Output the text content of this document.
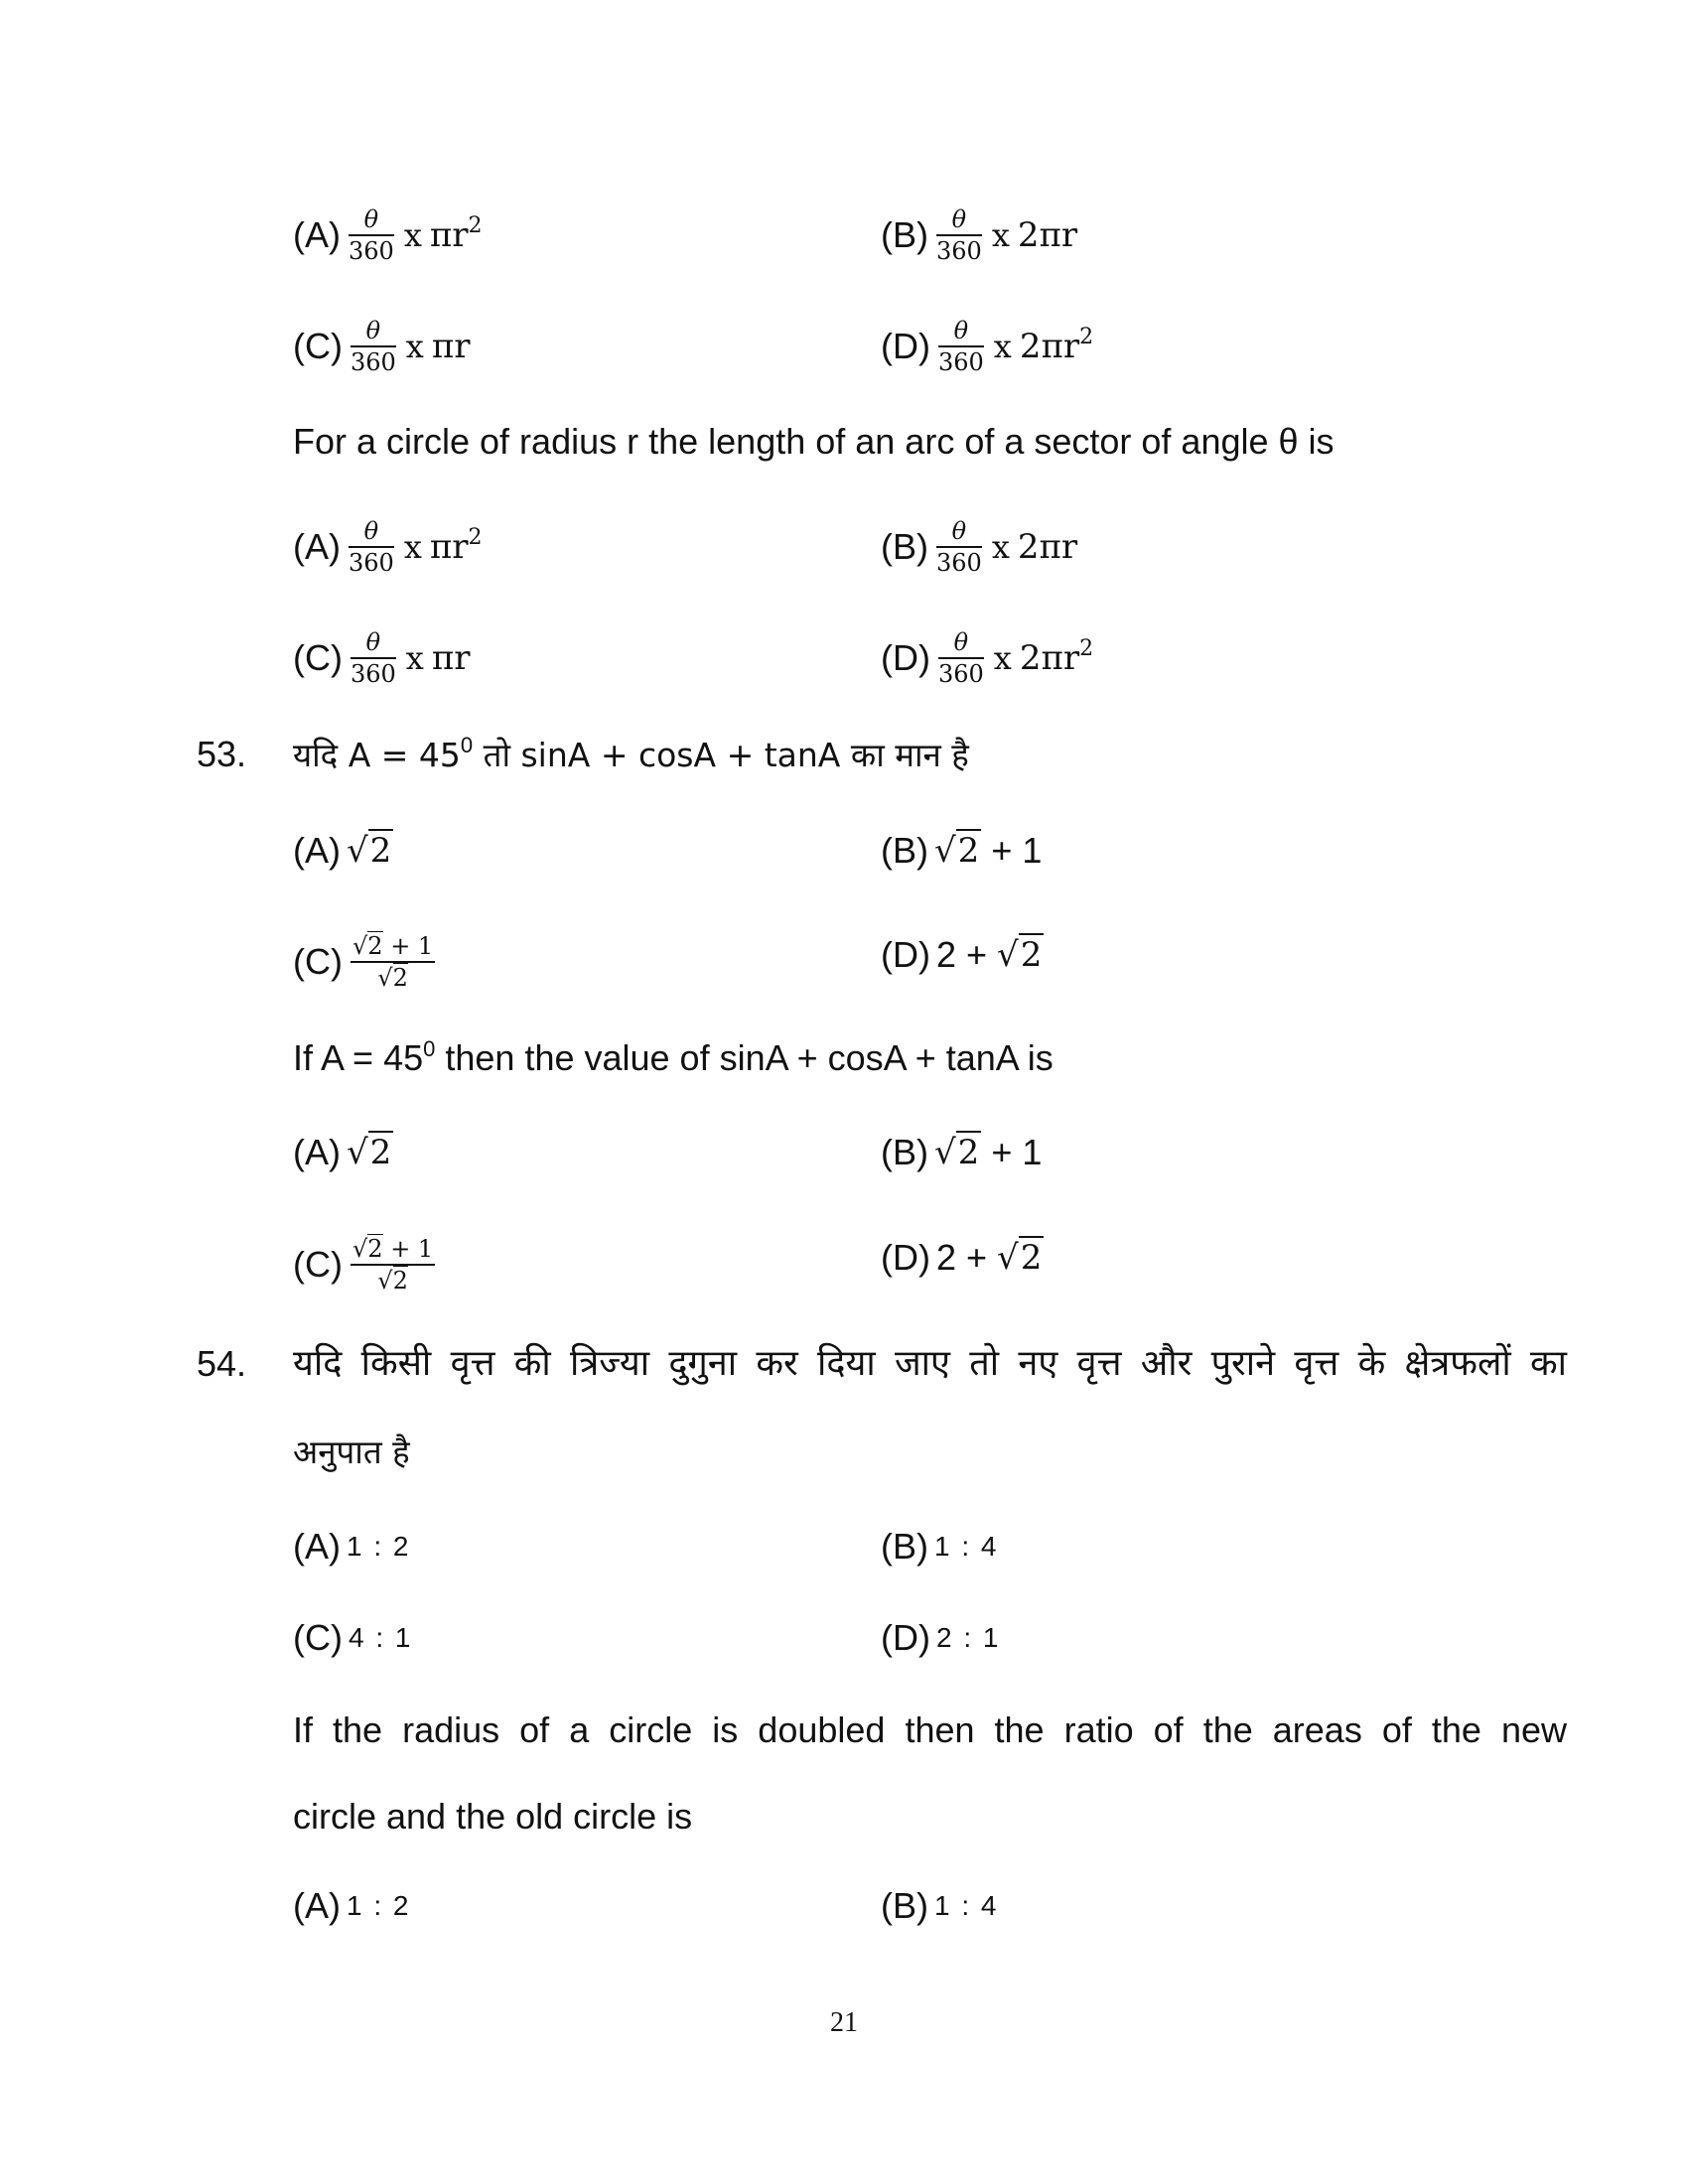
$(A) \frac{\theta}{360}$ x $\pi r^2$	$(B) \frac{\theta}{360}$ x 2πr
$(C) \frac{\theta}{360}$ x πr	$(D) \frac{\theta}{360}$ x $2\pi r^2$
For a circle of radius r the length of an arc of a sector of angle θ is
$(A) \frac{\theta}{360}$ x $\pi r^2$	$(B) \frac{\theta}{360}$ x 2πr
$(C) \frac{\theta}{360}$ x πr	$(D) \frac{\theta}{360}$ x $2\pi r^2$
53. यदि $A = 45^0$ तो sinA + cosA + tanA का मान है
(A) √2	(B) √2 + 1
$(C) \frac{√2 + 1}{√2}$	(D) 2 + √2
If $A = 45^0$ then the value of sinA + cosA + tanA is
(A) √2	(B) √2 + 1
$(C) \frac{√2 + 1}{√2}$	(D) 2 + √2
54. यदि किसी वृत्त की त्रिज्या दुगुना कर दिया जाए तो नए वृत्त और पुराने वृत्त के क्षेत्रफलों का
अनुपात है
(A) 1 : 2	(B) 1 : 4
(C) 4 : 1	(D) 2 : 1
If the radius of a circle is doubled then the ratio of the areas of the new
circle and the old circle is
(A) 1 : 2	(B) 1 : 4
21
